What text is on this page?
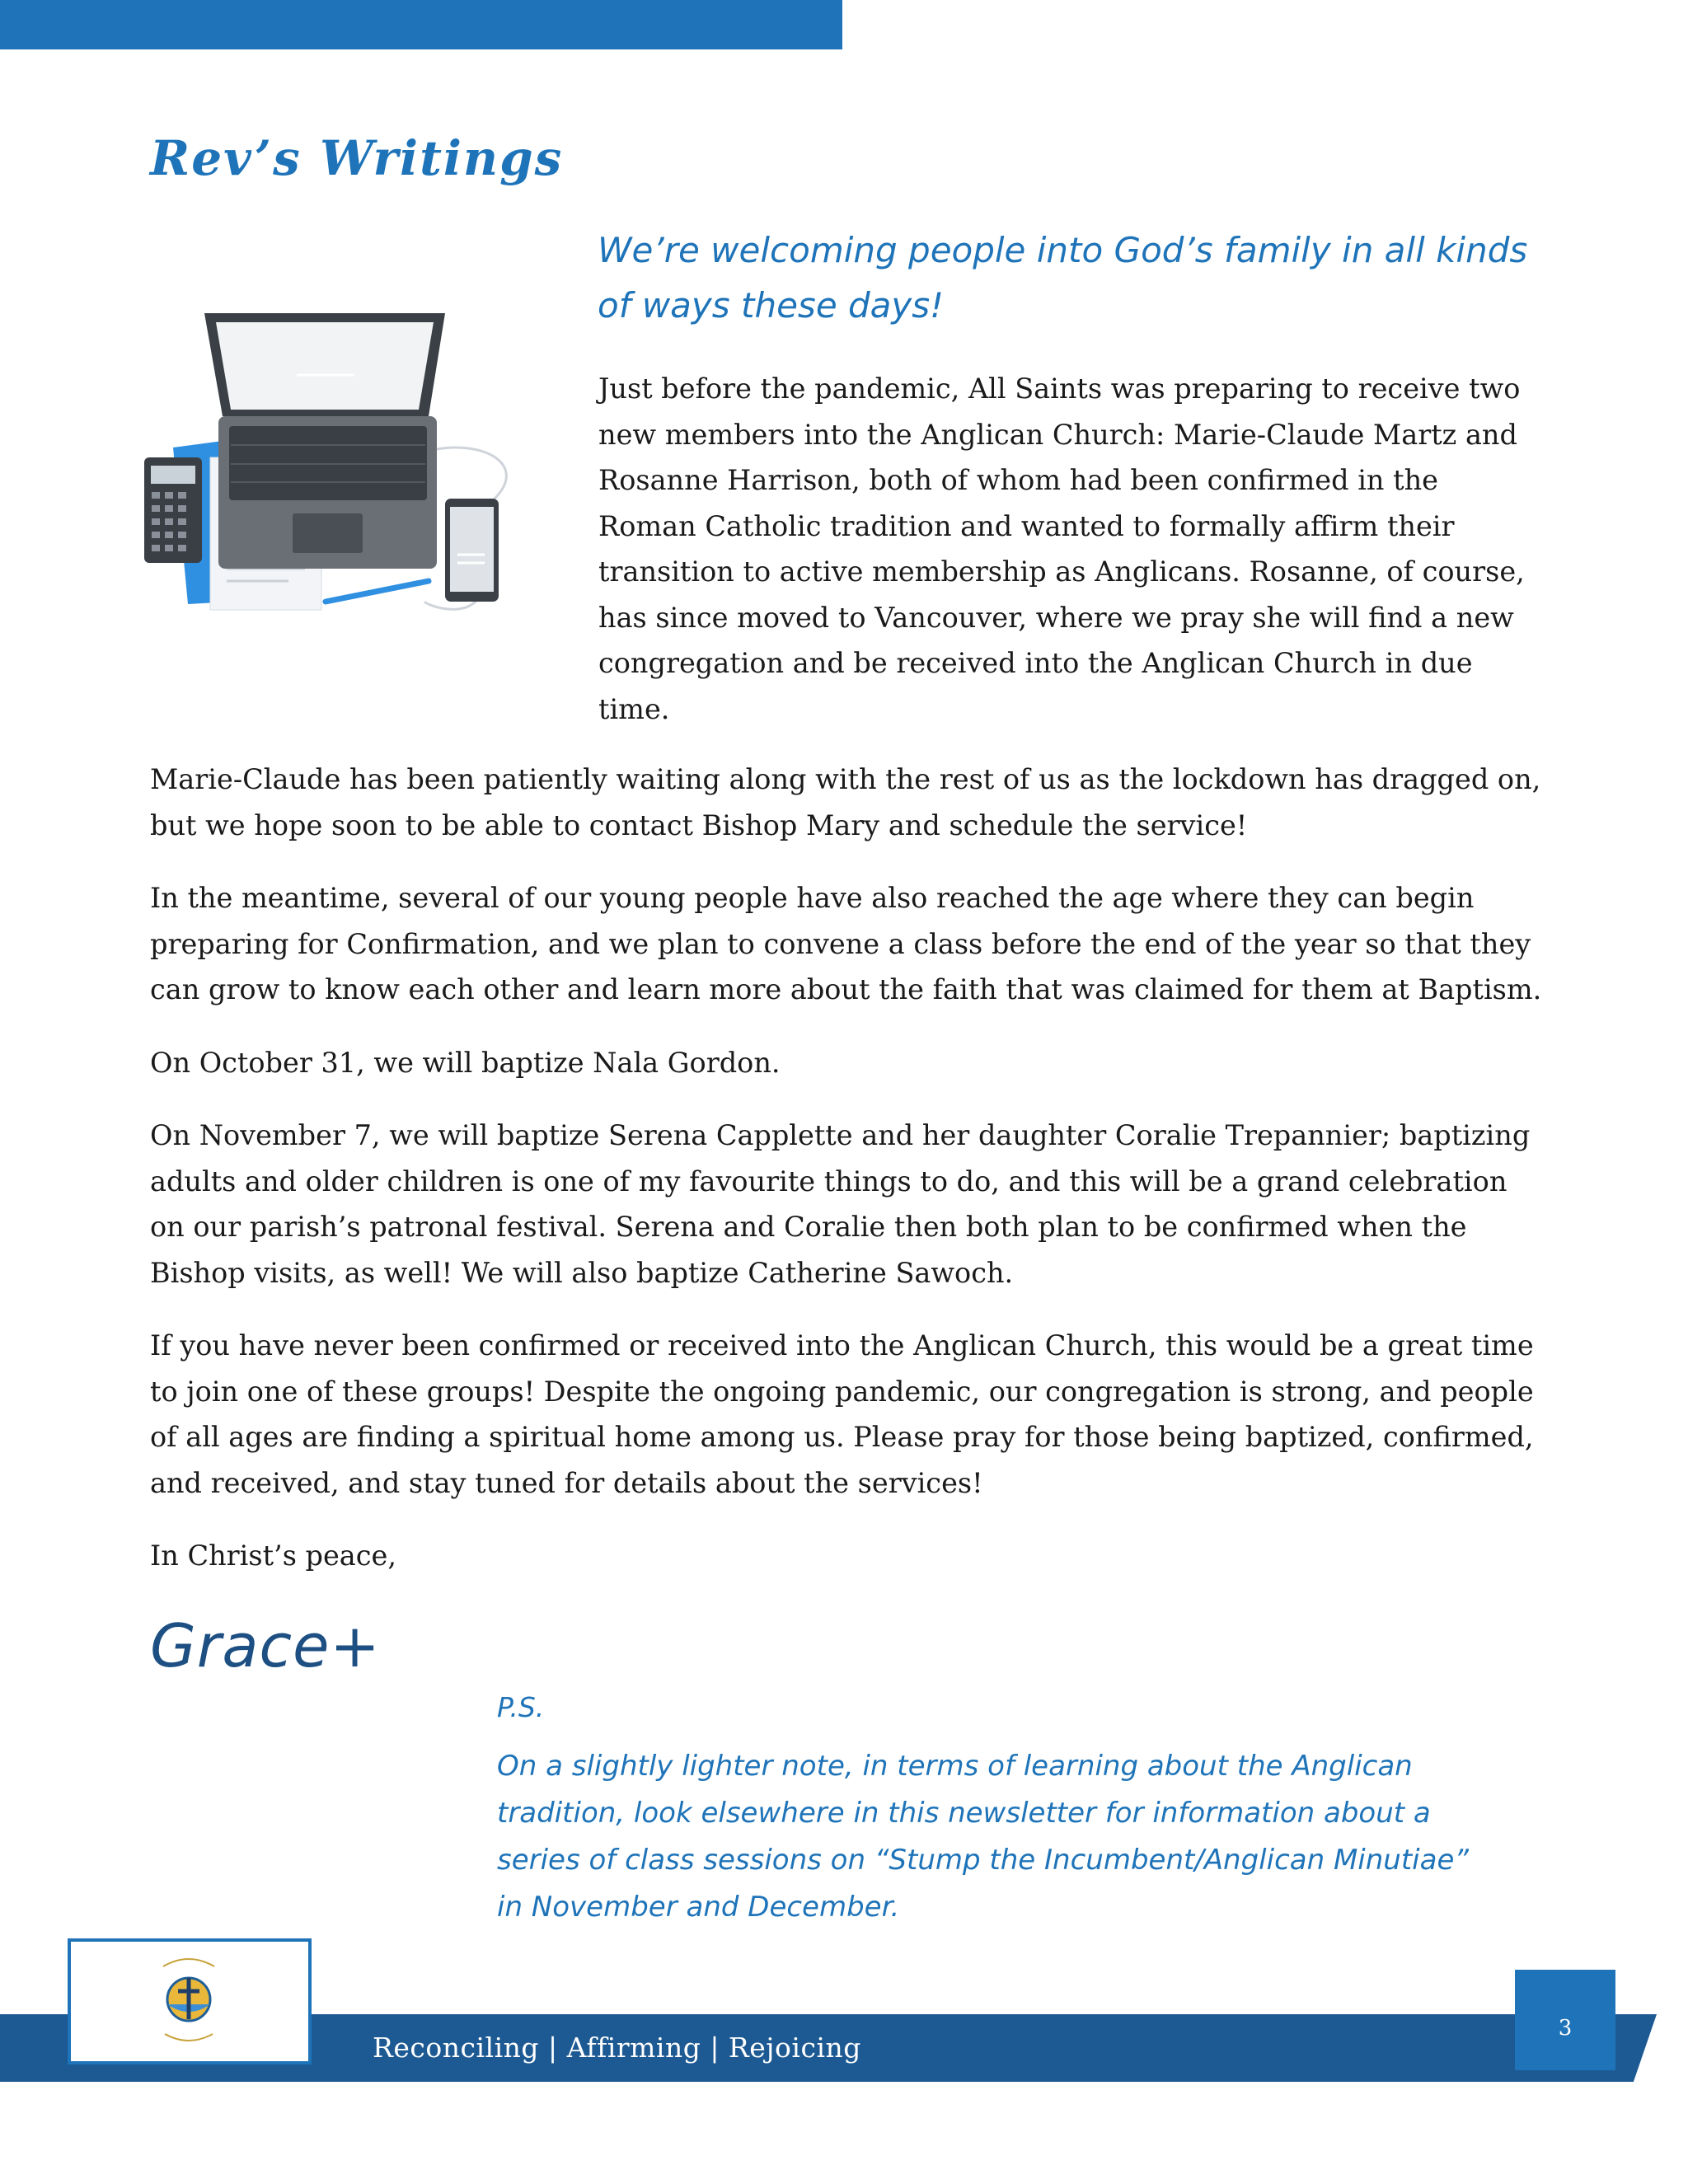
Rev’s Writings

We’re welcoming people into God’s family in all kinds of ways these days!

Just before the pandemic, All Saints was preparing to receive two new members into the Anglican Church: Marie-Claude Martz and Rosanne Harrison, both of whom had been confirmed in the Roman Catholic tradition and wanted to formally affirm their transition to active membership as Anglicans. Rosanne, of course, has since moved to Vancouver, where we pray she will find a new congregation and be received into the Anglican Church in due time.

Marie-Claude has been patiently waiting along with the rest of us as the lockdown has dragged on, but we hope soon to be able to contact Bishop Mary and schedule the service!

In the meantime, several of our young people have also reached the age where they can begin preparing for Confirmation, and we plan to convene a class before the end of the year so that they can grow to know each other and learn more about the faith that was claimed for them at Baptism.

On October 31, we will baptize Nala Gordon.

On November 7, we will baptize Serena Capplette and her daughter Coralie Trepannier; baptizing adults and older children is one of my favourite things to do, and this will be a grand celebration on our parish’s patronal festival. Serena and Coralie then both plan to be confirmed when the Bishop visits, as well! We will also baptize Catherine Sawoch.

If you have never been confirmed or received into the Anglican Church, this would be a great time to join one of these groups! Despite the ongoing pandemic, our congregation is strong, and people of all ages are finding a spiritual home among us. Please pray for those being baptized, confirmed, and received, and stay tuned for details about the services!

In Christ’s peace,

Grace+

P.S.

On a slightly lighter note, in terms of learning about the Anglican tradition, look elsewhere in this newsletter for information about a series of class sessions on “Stump the Incumbent/Anglican Minutiae” in November and December.

Reconciling | Affirming | Rejoicing
3
